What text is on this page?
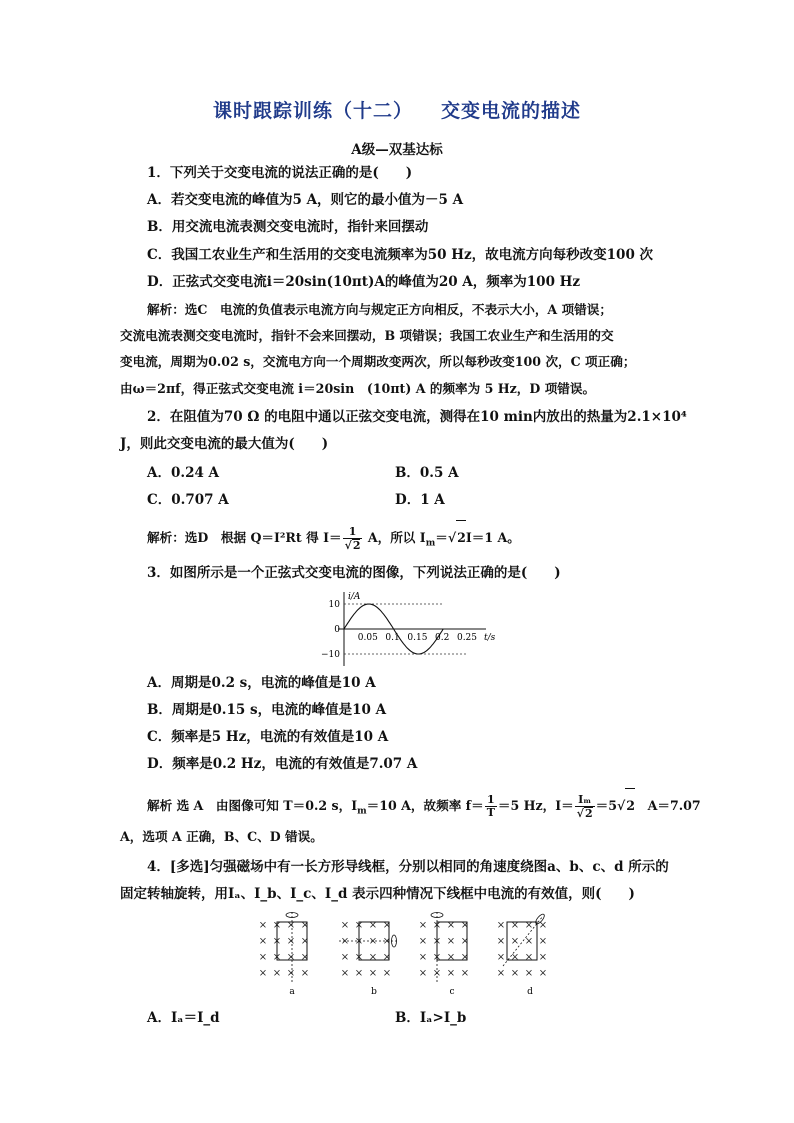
课时跟踪训练（十二） 交变电流的描述
A级—双基达标
1．下列关于交变电流的说法正确的是(　　)
A．若交变电流的峰值为5 A，则它的最小值为－5 A
B．用交流电流表测交变电流时，指针来回摆动
C．我国工农业生产和生活用的交变电流频率为50 Hz，故电流方向每秒改变100 次
D．正弦式交变电流i＝20sin(10πt)A的峰值为20 A，频率为100 Hz
解析：选C　电流的负值表示电流方向与规定正方向相反，不表示大小，A 项错误；
交流电流表测交变电流时，指针不会来回摆动，B 项错误；我国工农业生产和生活用的交
变电流，周期为0.02 s，交流电方向一个周期改变两次，所以每秒改变100 次，C 项正确；
由ω＝2πf，得正弦式交变电流 i＝20sin　(10πt) A 的频率为 5 Hz，D 项错误。
2．在阻值为70 Ω 的电阻中通以正弦交变电流，测得在10 min内放出的热量为2.1×10⁴
J，则此交变电流的最大值为(　　)
A．0.24 A	B．0.5 A
C．0.707 A	D．1 A
解析：选D　根据 Q＝I²Rt 得 $I= \frac{1}{√2}$ A，所以 $I_m=√2I=1$ A。
3．如图所示是一个正弦式交变电流的图像，下列说法正确的是(　　)
0.05 0.1 0.15 0.2 0.25
10
0
−10
i/A
t/s
A．周期是0.2 s，电流的峰值是10 A
B．周期是0.15 s，电流的峰值是10 A
C．频率是5 Hz，电流的有效值是10 A
D．频率是0.2 Hz，电流的有效值是7.07 A
解析 选 A　由图像可知 T＝0.2 s，$I_m=10$ A，故频率 $f= \frac{1}{T} =5$ Hz，$I= \frac{\text{Iₘ}}{√2} =5√2$　A＝7.07
A，选项 A 正确，B、C、D 错误。
4．[多选]匀强磁场中有一长方形导线框，分别以相同的角速度绕图a、b、c、d 所示的
固定转轴旋转，用Iₐ、I_b、I_c、I_d 表示四种情况下线框中电流的有效值，则(　　)
× × × ×
× × × ×
× × × ×
× × × ×
a
× × × ×
× × × ×
× × × ×
× × × ×
b
× × × ×
× × × ×
× × × ×
× × × ×
c
× × × ×
× × × ×
× × × ×
× × × ×
d
A．Iₐ＝I_d	B．Iₐ>I_b
